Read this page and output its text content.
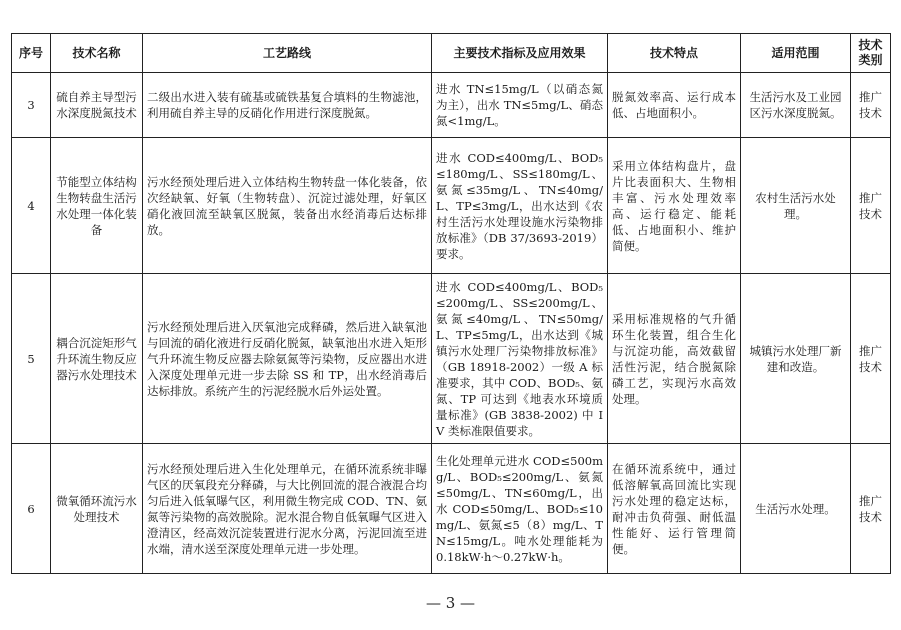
序号	技术名称	工艺路线	主要技术指标及应用效果	技术特点	适用范围	技术类别
3	硫自养主导型污水深度脱氮技术	二级出水进入装有硫基或硫铁基复合填料的生物滤池，利用硫自养主导的反硝化作用进行深度脱氮。	进水 TN≤15mg/L（以硝态氮为主），出水 TN≤5mg/L、硝态氮<1mg/L。	脱氮效率高、运行成本低、占地面积小。	生活污水及工业园区污水深度脱氮。	推广技术
4	节能型立体结构生物转盘生活污水处理一体化装备	污水经预处理后进入立体结构生物转盘一体化装备，依次经缺氧、好氧（生物转盘）、沉淀过滤处理，好氧区硝化液回流至缺氧区脱氮，装备出水经消毒后达标排放。	进水 COD≤400mg/L、BOD₅≤180mg/L、SS≤180mg/L、氨氮≤35mg/L、TN≤40mg/L、TP≤3mg/L，出水达到《农村生活污水处理设施水污染物排放标准》（DB 37/3693-2019）要求。	采用立体结构盘片，盘片比表面积大、生物相丰富、污水处理效率高、运行稳定、能耗低、占地面积小、维护简便。	农村生活污水处理。	推广技术
5	耦合沉淀矩形气升环流生物反应器污水处理技术	污水经预处理后进入厌氧池完成释磷，然后进入缺氧池与回流的硝化液进行反硝化脱氮，缺氧池出水进入矩形气升环流生物反应器去除氨氮等污染物，反应器出水进入深度处理单元进一步去除 SS 和 TP，出水经消毒后达标排放。系统产生的污泥经脱水后外运处置。	进水 COD≤400mg/L、BOD₅≤200mg/L、SS≤200mg/L、氨氮≤40mg/L、TN≤50mg/L、TP≤5mg/L，出水达到《城镇污水处理厂污染物排放标准》（GB 18918-2002）一级 A 标准要求，其中 COD、BOD₅、氨氮、TP 可达到《地表水环境质量标准》(GB 3838-2002) 中 IV 类标准限值要求。	采用标准规格的气升循环生化装置，组合生化与沉淀功能，高效截留活性污泥，结合脱氮除磷工艺，实现污水高效处理。	城镇污水处理厂新建和改造。	推广技术
6	微氧循环流污水处理技术	污水经预处理后进入生化处理单元，在循环流系统非曝气区的厌氧段充分释磷，与大比例回流的混合液混合均匀后进入低氧曝气区，利用微生物完成 COD、TN、氨氮等污染物的高效脱除。泥水混合物自低氧曝气区进入澄清区，经高效沉淀装置进行泥水分离，污泥回流至进水端，清水送至深度处理单元进一步处理。	生化处理单元进水 COD≤500mg/L、BOD₅≤200mg/L、氨氮≤50mg/L、TN≤60mg/L，出水 COD≤50mg/L、BOD₅≤10mg/L、氨氮≤5（8）mg/L、TN≤15mg/L。吨水处理能耗为 0.18kW·h～0.27kW·h。	在循环流系统中，通过低溶解氧高回流比实现污水处理的稳定达标，耐冲击负荷强、耐低温性能好、运行管理简便。	生活污水处理。	推广技术
— 3 —
